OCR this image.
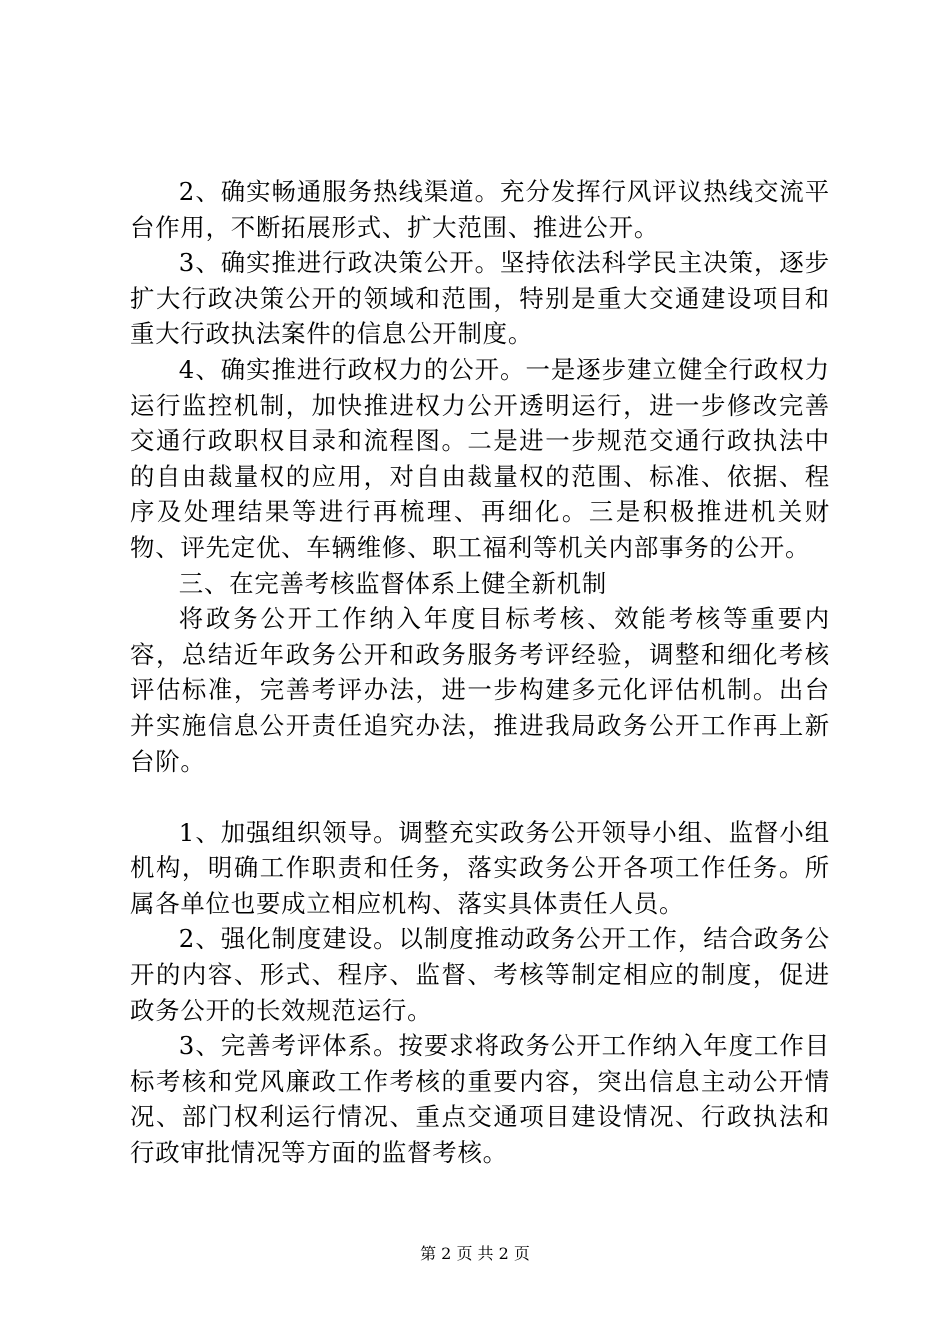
2、确实畅通服务热线渠道。充分发挥行风评议热线交流平台作用，不断拓展形式、扩大范围、推进公开。

3、确实推进行政决策公开。坚持依法科学民主决策，逐步扩大行政决策公开的领域和范围，特别是重大交通建设项目和重大行政执法案件的信息公开制度。

4、确实推进行政权力的公开。一是逐步建立健全行政权力运行监控机制，加快推进权力公开透明运行，进一步修改完善交通行政职权目录和流程图。二是进一步规范交通行政执法中的自由裁量权的应用，对自由裁量权的范围、标准、依据、程序及处理结果等进行再梳理、再细化。三是积极推进机关财物、评先定优、车辆维修、职工福利等机关内部事务的公开。

三、在完善考核监督体系上健全新机制

将政务公开工作纳入年度目标考核、效能考核等重要内容，总结近年政务公开和政务服务考评经验，调整和细化考核评估标准，完善考评办法，进一步构建多元化评估机制。出台并实施信息公开责任追究办法，推进我局政务公开工作再上新台阶。

1、加强组织领导。调整充实政务公开领导小组、监督小组机构，明确工作职责和任务，落实政务公开各项工作任务。所属各单位也要成立相应机构、落实具体责任人员。

2、强化制度建设。以制度推动政务公开工作，结合政务公开的内容、形式、程序、监督、考核等制定相应的制度，促进政务公开的长效规范运行。

3、完善考评体系。按要求将政务公开工作纳入年度工作目标考核和党风廉政工作考核的重要内容，突出信息主动公开情况、部门权利运行情况、重点交通项目建设情况、行政执法和行政审批情况等方面的监督考核。

第 2 页 共 2 页
